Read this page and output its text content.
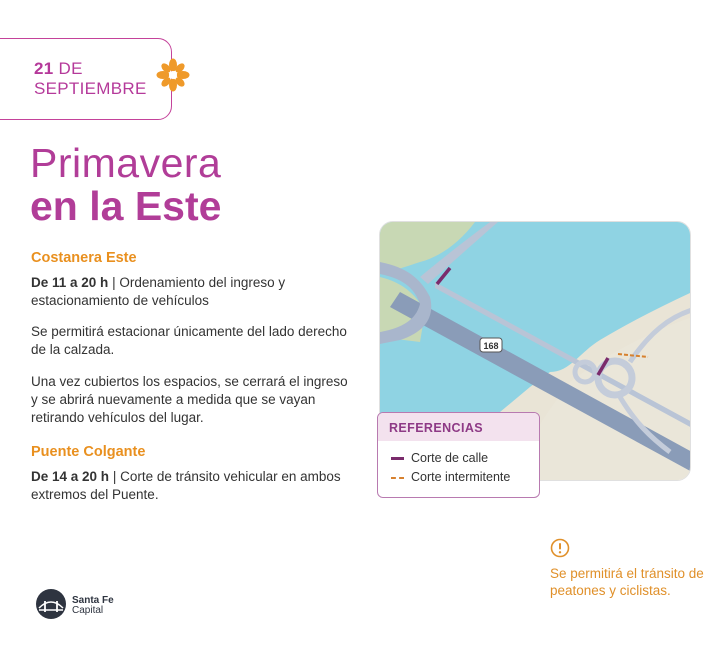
21 DE
SEPTIEMBRE
Primavera
en la Este
Costanera Este
De 11 a 20 h | Ordenamiento del ingreso y estacionamiento de vehículos
Se permitirá estacionar únicamente del lado derecho de la calzada.
Una vez cubiertos los espacios, se cerrará el ingreso y se abrirá nuevamente a medida que se vayan retirando vehículos del lugar.
Puente Colgante
De 14 a 20 h | Corte de tránsito vehicular en ambos extremos del Puente.
168
REFERENCIAS
Corte de calle
Corte intermitente
Se permitirá el tránsito de peatones y ciclistas.
Santa Fe
Capital
